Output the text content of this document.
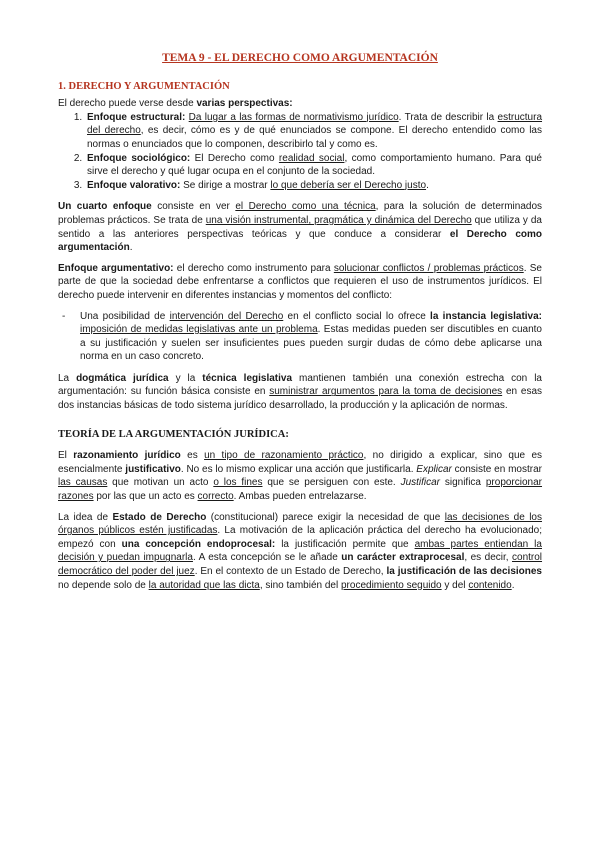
TEMA 9 - EL DERECHO COMO ARGUMENTACIÓN
1. DERECHO Y ARGUMENTACIÓN

El derecho puede verse desde varias perspectivas:

1. Enfoque estructural: Da lugar a las formas de normativismo jurídico. Trata de describir la estructura del derecho, es decir, cómo es y de qué enunciados se compone. El derecho entendido como las normas o enunciados que lo componen, describirlo tal y como es.
2. Enfoque sociológico: El Derecho como realidad social, como comportamiento humano. Para qué sirve el derecho y qué lugar ocupa en el conjunto de la sociedad.
3. Enfoque valorativo: Se dirige a mostrar lo que debería ser el Derecho justo.

Un cuarto enfoque consiste en ver el Derecho como una técnica, para la solución de determinados problemas prácticos. Se trata de una visión instrumental, pragmática y dinámica del Derecho que utiliza y da sentido a las anteriores perspectivas teóricas y que conduce a considerar el Derecho como argumentación.

Enfoque argumentativo: el derecho como instrumento para solucionar conflictos / problemas prácticos. Se parte de que la sociedad debe enfrentarse a conflictos que requieren el uso de instrumentos jurídicos. El derecho puede intervenir en diferentes instancias y momentos del conflicto:

- Una posibilidad de intervención del Derecho en el conflicto social lo ofrece la instancia legislativa: imposición de medidas legislativas ante un problema. Estas medidas pueden ser discutibles en cuanto a su justificación y suelen ser insuficientes pues pueden surgir dudas de cómo debe aplicarse una norma en un caso concreto.

La dogmática jurídica y la técnica legislativa mantienen también una conexión estrecha con la argumentación: su función básica consiste en suministrar argumentos para la toma de decisiones en esas dos instancias básicas de todo sistema jurídico desarrollado, la producción y la aplicación de normas.

TEORÍA DE LA ARGUMENTACIÓN JURÍDICA:

El razonamiento jurídico es un tipo de razonamiento práctico, no dirigido a explicar, sino que es esencialmente justificativo. No es lo mismo explicar una acción que justificarla. Explicar consiste en mostrar las causas que motivan un acto o los fines que se persiguen con este. Justificar significa proporcionar razones por las que un acto es correcto. Ambas pueden entrelazarse.

La idea de Estado de Derecho (constitucional) parece exigir la necesidad de que las decisiones de los órganos públicos estén justificadas. La motivación de la aplicación práctica del derecho ha evolucionado; empezó con una concepción endoprocesal: la justificación permite que ambas partes entiendan la decisión y puedan impugnarla. A esta concepción se le añade un carácter extraprocesal, es decir, control democrático del poder del juez. En el contexto de un Estado de Derecho, la justificación de las decisiones no depende solo de la autoridad que las dicta, sino también del procedimiento seguido y del contenido.
